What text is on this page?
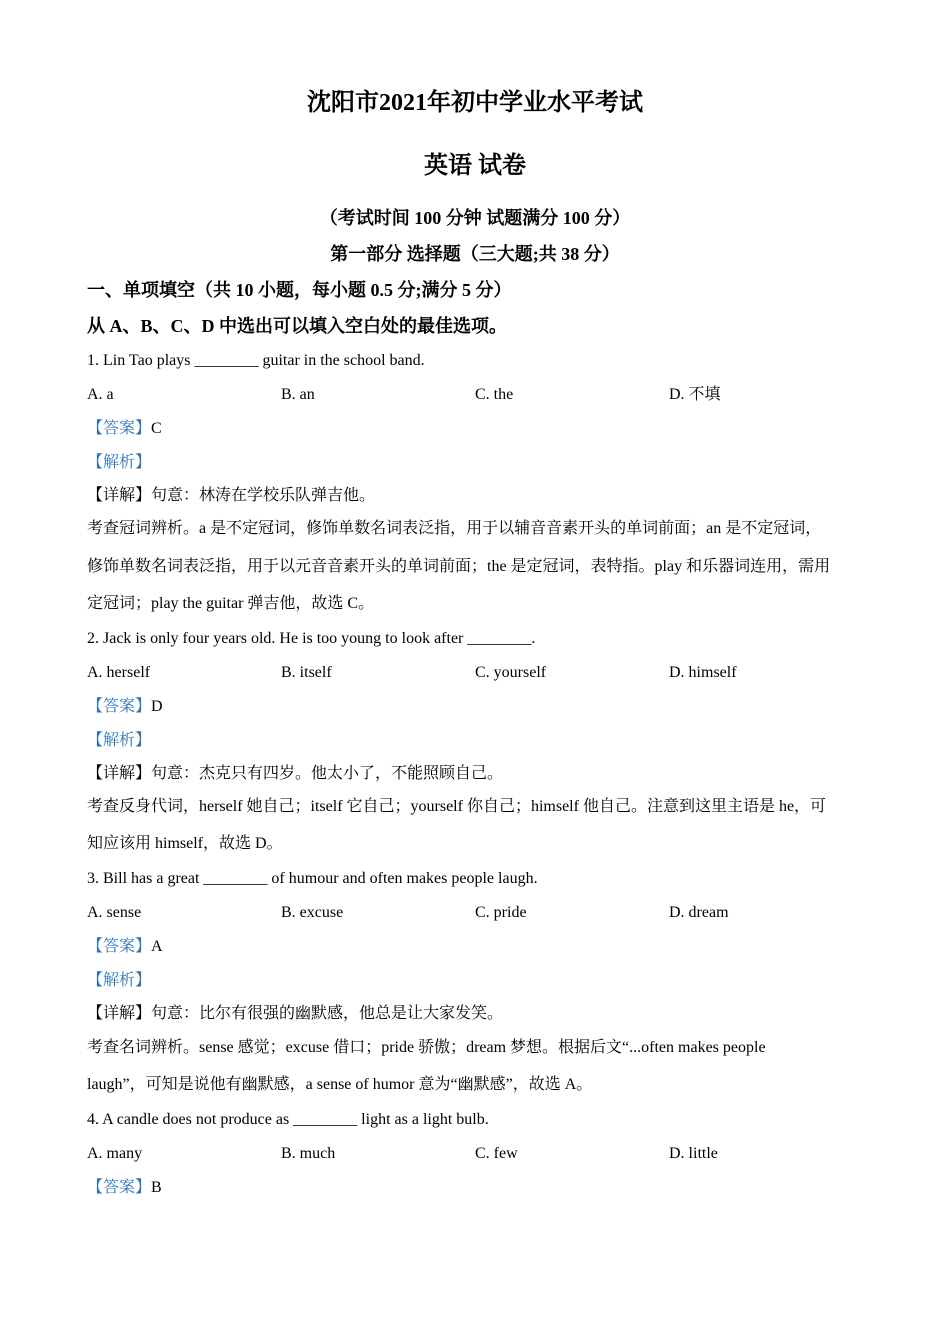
沈阳市2021年初中学业水平考试
英语 试卷
（考试时间 100 分钟 试题满分 100 分）
第一部分 选择题（三大题;共 38 分）
一、单项填空（共 10 小题，每小题 0.5 分;满分 5 分）
从 A、B、C、D 中选出可以填入空白处的最佳选项。
1. Lin Tao plays ________ guitar in the school band.
A. a	B. an	C. the	D. 不填
【答案】C
【解析】
【详解】句意：林涛在学校乐队弹吉他。
考查冠词辨析。a 是不定冠词，修饰单数名词表泛指，用于以辅音音素开头的单词前面；an 是不定冠词，
修饰单数名词表泛指，用于以元音音素开头的单词前面；the 是定冠词，表特指。play 和乐器词连用，需用
定冠词；play the guitar 弹吉他，故选 C。
2. Jack is only four years old. He is too young to look after ________.
A. herself	B. itself	C. yourself	D. himself
【答案】D
【解析】
【详解】句意：杰克只有四岁。他太小了，不能照顾自己。
考查反身代词，herself 她自己；itself 它自己；yourself 你自己；himself 他自己。注意到这里主语是 he，可
知应该用 himself，故选 D。
3. Bill has a great ________ of humour and often makes people laugh.
A. sense	B. excuse	C. pride	D. dream
【答案】A
【解析】
【详解】句意：比尔有很强的幽默感，他总是让大家发笑。
考查名词辨析。sense 感觉；excuse 借口；pride 骄傲；dream 梦想。根据后文“...often makes people
laugh”，可知是说他有幽默感，a sense of humor 意为“幽默感”，故选 A。
4. A candle does not produce as ________ light as a light bulb.
A. many	B. much	C. few	D. little
【答案】B
